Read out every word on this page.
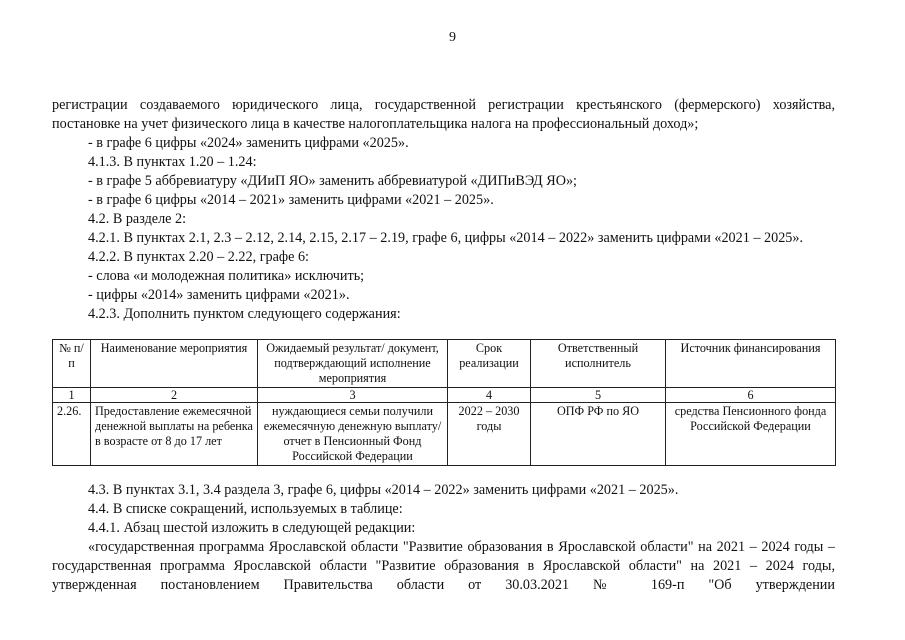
9

регистрации создаваемого юридического лица, государственной регистрации крестьянского (фермерского) хозяйства, постановке на учет физического лица в качестве налогоплательщика налога на профессиональный доход»;

- в графе 6 цифры «2024» заменить цифрами «2025».

4.1.3. В пунктах 1.20 – 1.24:

- в графе 5 аббревиатуру «ДИиП ЯО» заменить аббревиатурой «ДИПиВЭД ЯО»;

- в графе 6 цифры «2014 – 2021» заменить цифрами «2021 – 2025».

4.2. В разделе 2:

4.2.1. В пунктах 2.1, 2.3 – 2.12, 2.14, 2.15, 2.17 – 2.19, графе 6, цифры «2014 – 2022» заменить цифрами «2021 – 2025».

4.2.2. В пунктах 2.20 – 2.22, графе 6:

- слова «и молодежная политика» исключить;

- цифры «2014» заменить цифрами «2021».

4.2.3. Дополнить пунктом следующего содержания:

№ п/п	Наименование мероприятия	Ожидаемый результат/ документ, подтверждающий исполнение мероприятия	Срок реализации	Ответственный исполнитель	Источник финансирования
1	2	3	4	5	6
2.26.	Предоставление ежемесячной денежной выплаты на ребенка в возрасте от 8 до 17 лет	нуждающиеся семьи получили ежемесячную денежную выплату/ отчет в Пенсионный Фонд Российской Федерации	2022 – 2030 годы	ОПФ РФ по ЯО	средства Пенсионного фонда Российской Федерации

4.3. В пунктах 3.1, 3.4 раздела 3, графе 6, цифры «2014 – 2022» заменить цифрами «2021 – 2025».

4.4. В списке сокращений, используемых в таблице:

4.4.1. Абзац шестой изложить в следующей редакции:

«государственная программа Ярославской области "Развитие образования в Ярославской области" на 2021 – 2024 годы – государственная программа Ярославской области "Развитие образования в Ярославской области" на 2021 – 2024 годы, утвержденная постановлением Правительства области от 30.03.2021 № 169-п "Об утверждении
